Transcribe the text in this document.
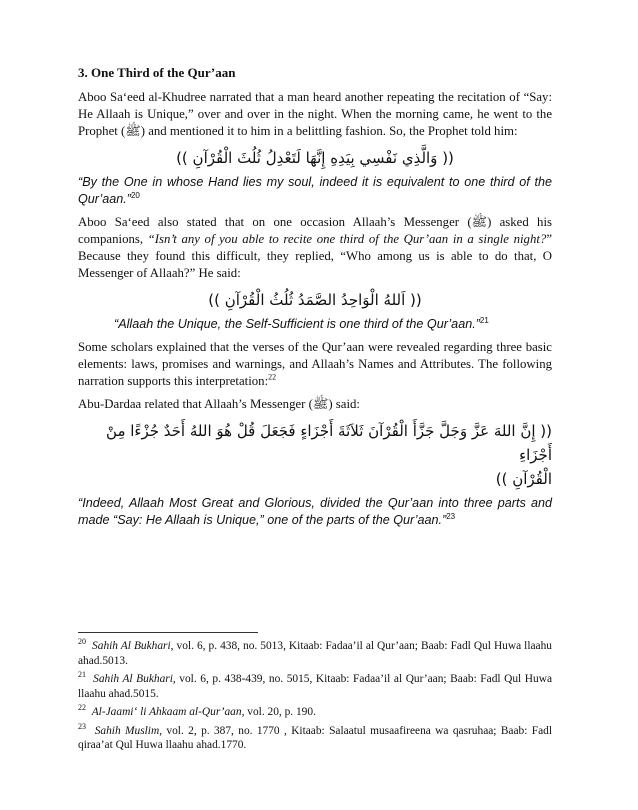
3. One Third of the Qur’aan

Aboo Sa‘eed al-Khudree narrated that a man heard another repeating the recitation of “Say: He Allaah is Unique,” over and over in the night. When the morning came, he went to the Prophet (ﷺ) and mentioned it to him in a belittling fashion. So, the Prophet told him:

(( وَالَّذِي نَفْسِي بِيَدِهِ إِنَّهَا لَتَعْدِلُ ثُلُثَ الْقُرْآنِ ))

“By the One in whose Hand lies my soul, indeed it is equivalent to one third of the Qur’aan.”$^{20}$

Aboo Sa‘eed also stated that on one occasion Allaah’s Messenger (ﷺ) asked his companions, “Isn’t any of you able to recite one third of the Qur’aan in a single night?” Because they found this difficult, they replied, “Who among us is able to do that, O Messenger of Allaah?” He said:

(( اَللهُ الْوَاحِدُ الصَّمَدُ ثُلُثُ الْقُرْآنِ ))

“Allaah the Unique, the Self-Sufficient is one third of the Qur’aan.”$^{21}$

Some scholars explained that the verses of the Qur’aan were revealed regarding three basic elements: laws, promises and warnings, and Allaah’s Names and Attributes. The following narration supports this interpretation:$^{22}$

Abu-Dardaa related that Allaah’s Messenger (ﷺ) said:

(( إِنَّ اللهَ عَزَّ وَجَلَّ جَزَّأَ الْقُرْآنَ ثَلاَثَةَ أَجْزَاءٍ فَجَعَلَ قُلْ هُوَ اللهُ أَحَدٌ جُزْءًا مِنْ أَجْزَاءِ
الْقُرْآنِ ))

“Indeed, Allaah Most Great and Glorious, divided the Qur’aan into three parts and made “Say: He Allaah is Unique,” one of the parts of the Qur’aan.”$^{23}$

$^{20}$ Sahih Al Bukhari, vol. 6, p. 438, no. 5013, Kitaab: Fadaa’il al Qur’aan; Baab: Fadl Qul Huwa llaahu ahad.5013.
$^{21}$ Sahih Al Bukhari, vol. 6, p. 438-439, no. 5015, Kitaab: Fadaa’il al Qur’aan; Baab: Fadl Qul Huwa llaahu ahad.5015.
$^{22}$ Al-Jaami‘ li Ahkaam al-Qur’aan, vol. 20, p. 190.
$^{23}$ Sahih Muslim, vol. 2, p. 387, no. 1770 , Kitaab: Salaatul musaafireena wa qasruhaa; Baab: Fadl qiraa’at Qul Huwa llaahu ahad.1770.
